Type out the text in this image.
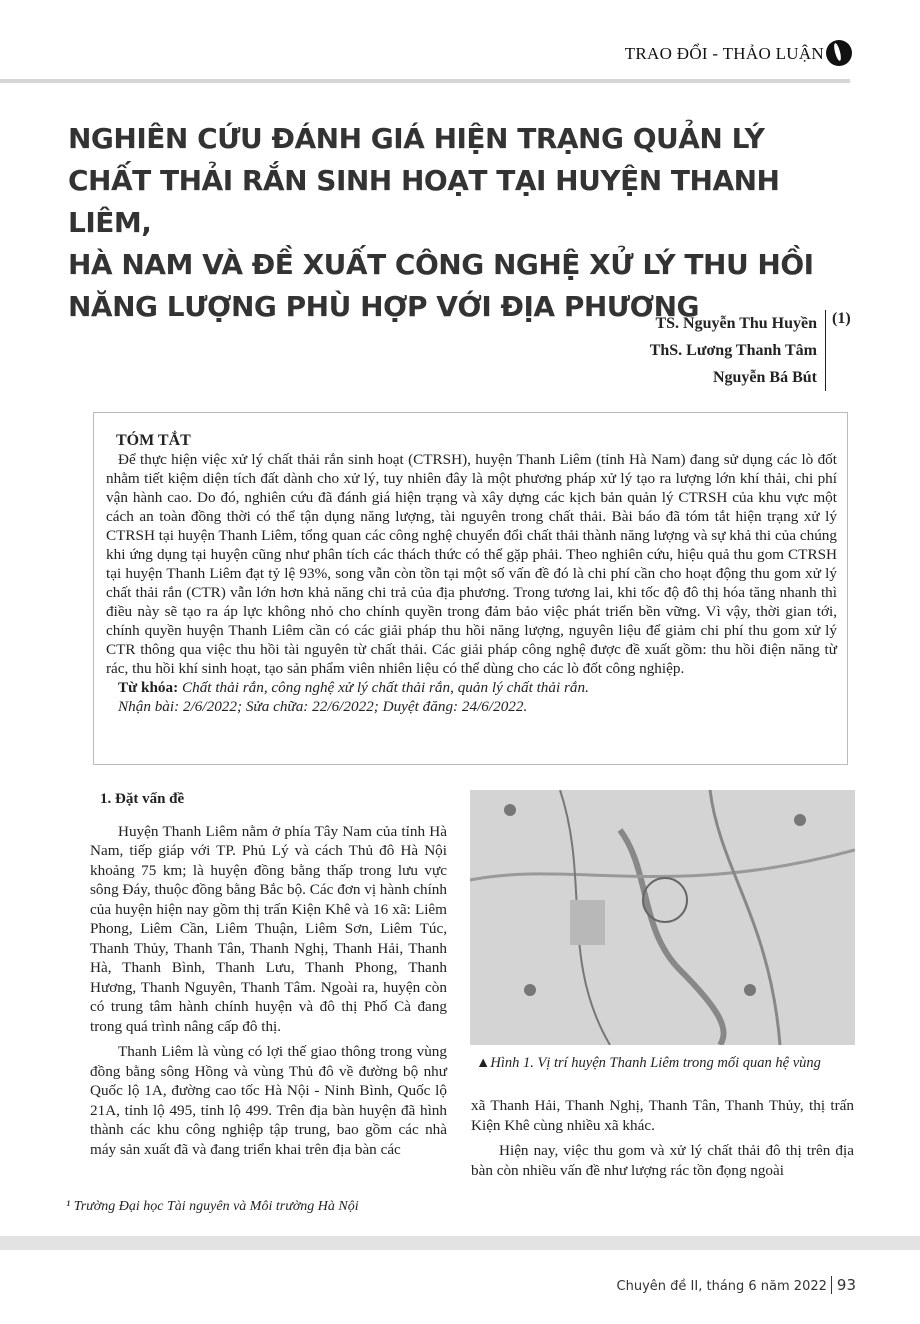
TRAO ĐỔI - THẢO LUẬN
NGHIÊN CỨU ĐÁNH GIÁ HIỆN TRẠNG QUẢN LÝ
CHẤT THẢI RẮN SINH HOẠT TẠI HUYỆN THANH LIÊM,
HÀ NAM VÀ ĐỀ XUẤT CÔNG NGHỆ XỬ LÝ THU HỒI
NĂNG LƯỢNG PHÙ HỢP VỚI ĐỊA PHƯƠNG
TS. Nguyễn Thu Huyền
ThS. Lương Thanh Tâm
Nguyễn Bá Bút
(1)
TÓM TẮT

Để thực hiện việc xử lý chất thải rắn sinh hoạt (CTRSH), huyện Thanh Liêm (tỉnh Hà Nam) đang sử dụng các lò đốt nhằm tiết kiệm diện tích đất dành cho xử lý, tuy nhiên đây là một phương pháp xử lý tạo ra lượng lớn khí thải, chi phí vận hành cao. Do đó, nghiên cứu đã đánh giá hiện trạng và xây dựng các kịch bản quản lý CTRSH của khu vực một cách an toàn đồng thời có thể tận dụng năng lượng, tài nguyên trong chất thải. Bài báo đã tóm tắt hiện trạng xử lý CTRSH tại huyện Thanh Liêm, tổng quan các công nghệ chuyển đổi chất thải thành năng lượng và sự khả thi của chúng khi ứng dụng tại huyện cũng như phân tích các thách thức có thể gặp phải. Theo nghiên cứu, hiệu quả thu gom CTRSH tại huyện Thanh Liêm đạt tỷ lệ 93%, song vẫn còn tồn tại một số vấn đề đó là chi phí cần cho hoạt động thu gom xử lý chất thải rắn (CTR) vẫn lớn hơn khả năng chi trả của địa phương. Trong tương lai, khi tốc độ đô thị hóa tăng nhanh thì điều này sẽ tạo ra áp lực không nhỏ cho chính quyền trong đảm bảo việc phát triển bền vững. Vì vậy, thời gian tới, chính quyền huyện Thanh Liêm cần có các giải pháp thu hồi năng lượng, nguyên liệu để giảm chi phí thu gom xử lý CTR thông qua việc thu hồi tài nguyên từ chất thải. Các giải pháp công nghệ được đề xuất gồm: thu hồi điện năng từ rác, thu hồi khí sinh hoạt, tạo sản phẩm viên nhiên liệu có thể dùng cho các lò đốt công nghiệp.

Từ khóa: Chất thải rắn, công nghệ xử lý chất thải rắn, quản lý chất thải rắn.

Nhận bài: 2/6/2022; Sửa chữa: 22/6/2022; Duyệt đăng: 24/6/2022.

1. Đặt vấn đề

Huyện Thanh Liêm nằm ở phía Tây Nam của tỉnh Hà Nam, tiếp giáp với TP. Phủ Lý và cách Thủ đô Hà Nội khoảng 75 km; là huyện đồng bằng thấp trong lưu vực sông Đáy, thuộc đồng bằng Bắc bộ. Các đơn vị hành chính của huyện hiện nay gồm thị trấn Kiện Khê và 16 xã: Liêm Phong, Liêm Cần, Liêm Thuận, Liêm Sơn, Liêm Túc, Thanh Thủy, Thanh Tân, Thanh Nghị, Thanh Hải, Thanh Hà, Thanh Bình, Thanh Lưu, Thanh Phong, Thanh Hương, Thanh Nguyên, Thanh Tâm. Ngoài ra, huyện còn có trung tâm hành chính huyện và đô thị Phố Cà đang trong quá trình nâng cấp đô thị.

Thanh Liêm là vùng có lợi thế giao thông trong vùng đồng bằng sông Hồng và vùng Thủ đô về đường bộ như Quốc lộ 1A, đường cao tốc Hà Nội - Ninh Bình, Quốc lộ 21A, tỉnh lộ 495, tỉnh lộ 499. Trên địa bàn huyện đã hình thành các khu công nghiệp tập trung, bao gồm các nhà máy sản xuất đã và đang triển khai trên địa bàn các

▲Hình 1. Vị trí huyện Thanh Liêm trong mối quan hệ vùng

xã Thanh Hải, Thanh Nghị, Thanh Tân, Thanh Thủy, thị trấn Kiện Khê cùng nhiều xã khác.

Hiện nay, việc thu gom và xử lý chất thải đô thị trên địa bàn còn nhiều vấn đề như lượng rác tồn đọng ngoài

¹ Trường Đại học Tài nguyên và Môi trường Hà Nội
Chuyên đề II, tháng 6 năm 2022 93
